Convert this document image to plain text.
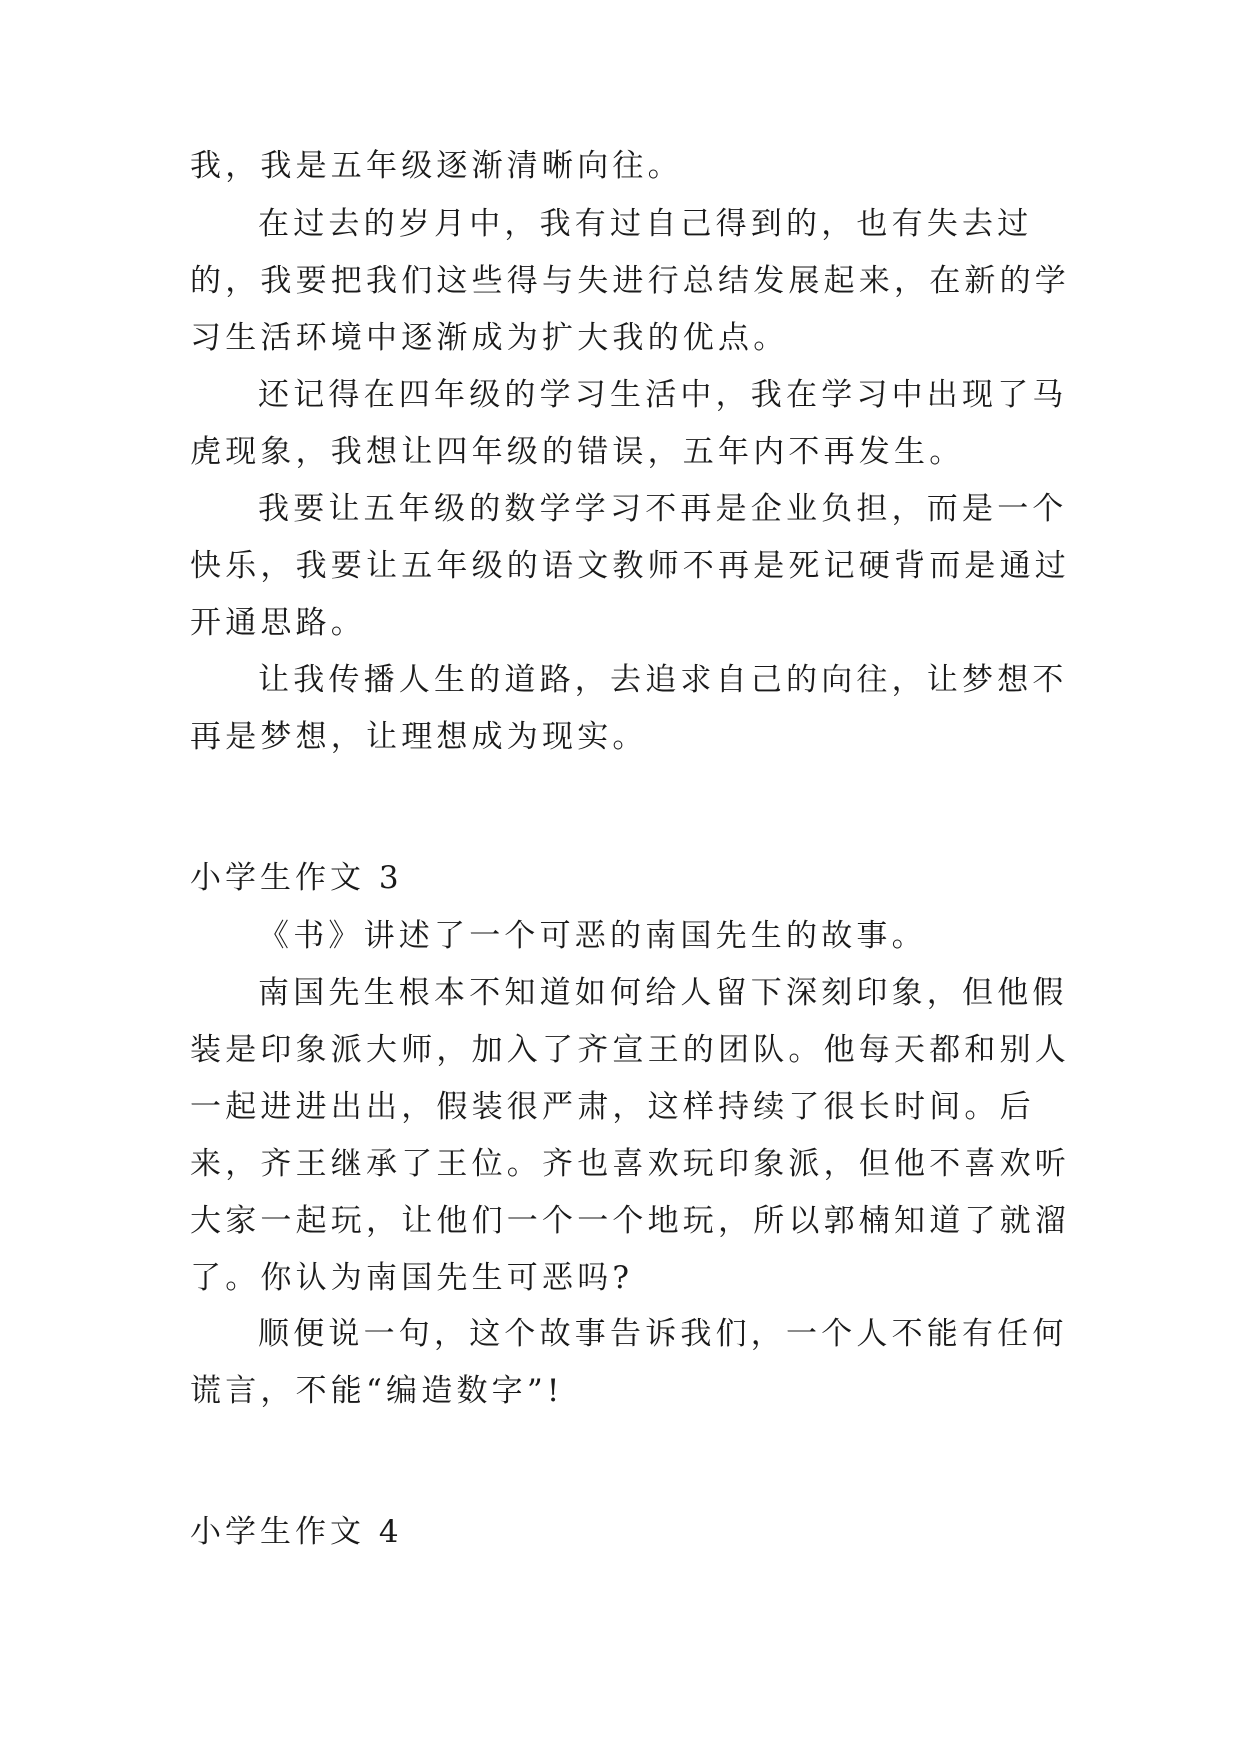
我，我是五年级逐渐清晰向往。

在过去的岁月中，我有过自己得到的，也有失去过的，我要把我们这些得与失进行总结发展起来，在新的学习生活环境中逐渐成为扩大我的优点。

还记得在四年级的学习生活中，我在学习中出现了马虎现象，我想让四年级的错误，五年内不再发生。

我要让五年级的数学学习不再是企业负担，而是一个快乐，我要让五年级的语文教师不再是死记硬背而是通过开通思路。

让我传播人生的道路，去追求自己的向往，让梦想不再是梦想，让理想成为现实。

小学生作文 3

《书》讲述了一个可恶的南国先生的故事。

南国先生根本不知道如何给人留下深刻印象，但他假装是印象派大师，加入了齐宣王的团队。他每天都和别人一起进进出出，假装很严肃，这样持续了很长时间。后来，齐王继承了王位。齐也喜欢玩印象派，但他不喜欢听大家一起玩，让他们一个一个地玩，所以郭楠知道了就溜了。你认为南国先生可恶吗?

顺便说一句，这个故事告诉我们，一个人不能有任何谎言，不能“编造数字”!

小学生作文 4
